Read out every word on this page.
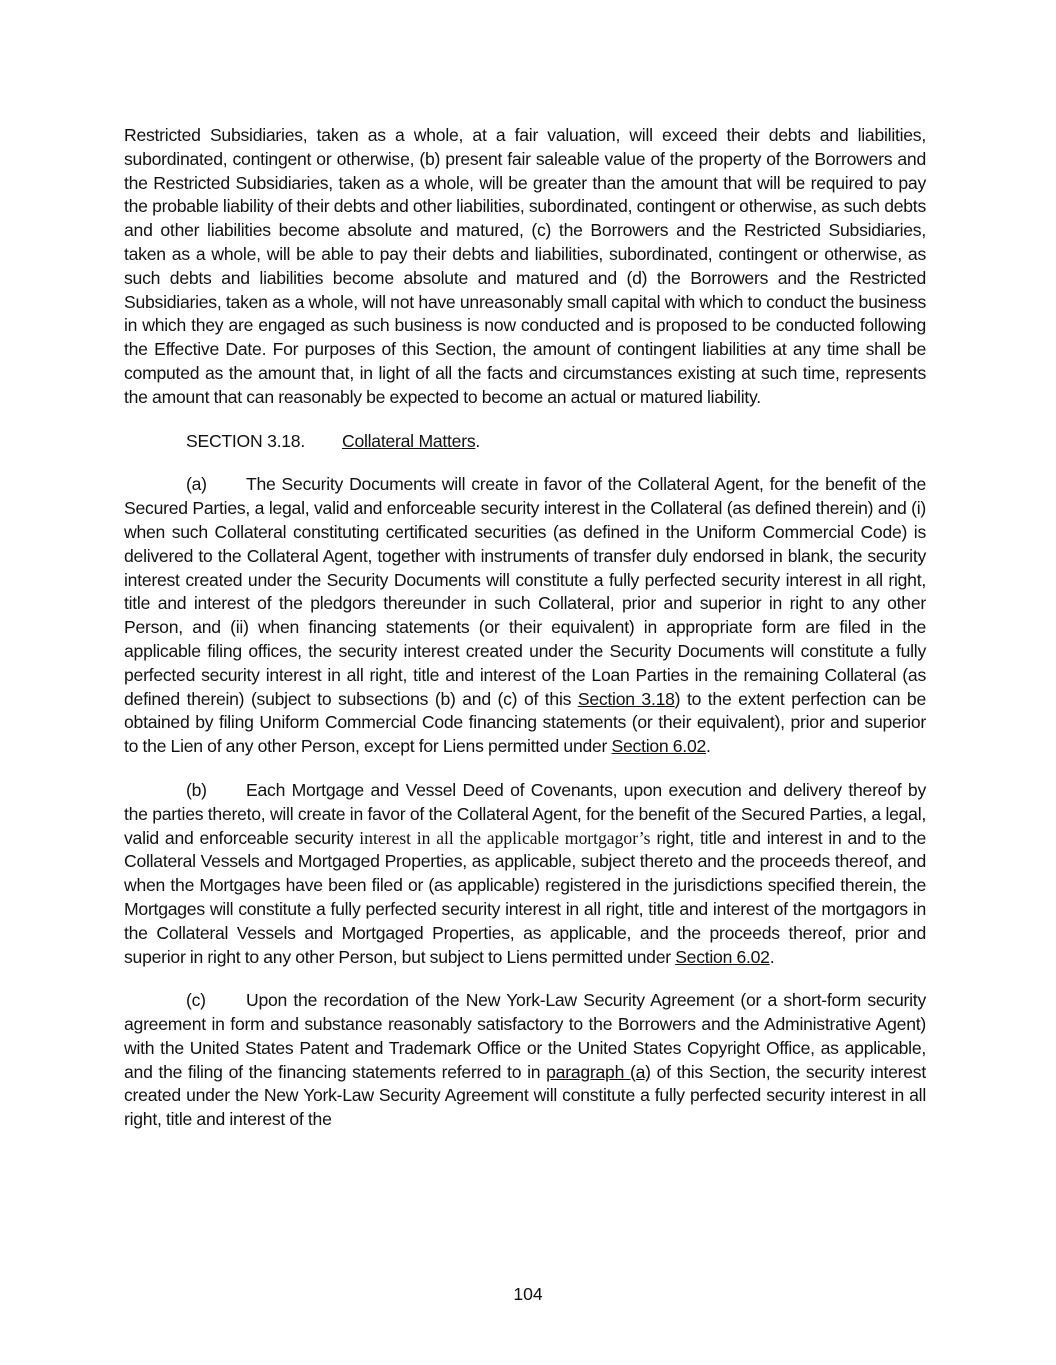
Restricted Subsidiaries, taken as a whole, at a fair valuation, will exceed their debts and liabilities, subordinated, contingent or otherwise, (b) present fair saleable value of the property of the Borrowers and the Restricted Subsidiaries, taken as a whole, will be greater than the amount that will be required to pay the probable liability of their debts and other liabilities, subordinated, contingent or otherwise, as such debts and other liabilities become absolute and matured, (c) the Borrowers and the Restricted Subsidiaries, taken as a whole, will be able to pay their debts and liabilities, subordinated, contingent or otherwise, as such debts and liabilities become absolute and matured and (d) the Borrowers and the Restricted Subsidiaries, taken as a whole, will not have unreasonably small capital with which to conduct the business in which they are engaged as such business is now conducted and is proposed to be conducted following the Effective Date. For purposes of this Section, the amount of contingent liabilities at any time shall be computed as the amount that, in light of all the facts and circumstances existing at such time, represents the amount that can reasonably be expected to become an actual or matured liability.

SECTION 3.18. Collateral Matters.

(a) The Security Documents will create in favor of the Collateral Agent, for the benefit of the Secured Parties, a legal, valid and enforceable security interest in the Collateral (as defined therein) and (i) when such Collateral constituting certificated securities (as defined in the Uniform Commercial Code) is delivered to the Collateral Agent, together with instruments of transfer duly endorsed in blank, the security interest created under the Security Documents will constitute a fully perfected security interest in all right, title and interest of the pledgors thereunder in such Collateral, prior and superior in right to any other Person, and (ii) when financing statements (or their equivalent) in appropriate form are filed in the applicable filing offices, the security interest created under the Security Documents will constitute a fully perfected security interest in all right, title and interest of the Loan Parties in the remaining Collateral (as defined therein) (subject to subsections (b) and (c) of this Section 3.18) to the extent perfection can be obtained by filing Uniform Commercial Code financing statements (or their equivalent), prior and superior to the Lien of any other Person, except for Liens permitted under Section 6.02.

(b) Each Mortgage and Vessel Deed of Covenants, upon execution and delivery thereof by the parties thereto, will create in favor of the Collateral Agent, for the benefit of the Secured Parties, a legal, valid and enforceable security interest in all the applicable mortgagor’s right, title and interest in and to the Collateral Vessels and Mortgaged Properties, as applicable, subject thereto and the proceeds thereof, and when the Mortgages have been filed or (as applicable) registered in the jurisdictions specified therein, the Mortgages will constitute a fully perfected security interest in all right, title and interest of the mortgagors in the Collateral Vessels and Mortgaged Properties, as applicable, and the proceeds thereof, prior and superior in right to any other Person, but subject to Liens permitted under Section 6.02.

(c) Upon the recordation of the New York-Law Security Agreement (or a short-form security agreement in form and substance reasonably satisfactory to the Borrowers and the Administrative Agent) with the United States Patent and Trademark Office or the United States Copyright Office, as applicable, and the filing of the financing statements referred to in paragraph (a) of this Section, the security interest created under the New York-Law Security Agreement will constitute a fully perfected security interest in all right, title and interest of the

104
